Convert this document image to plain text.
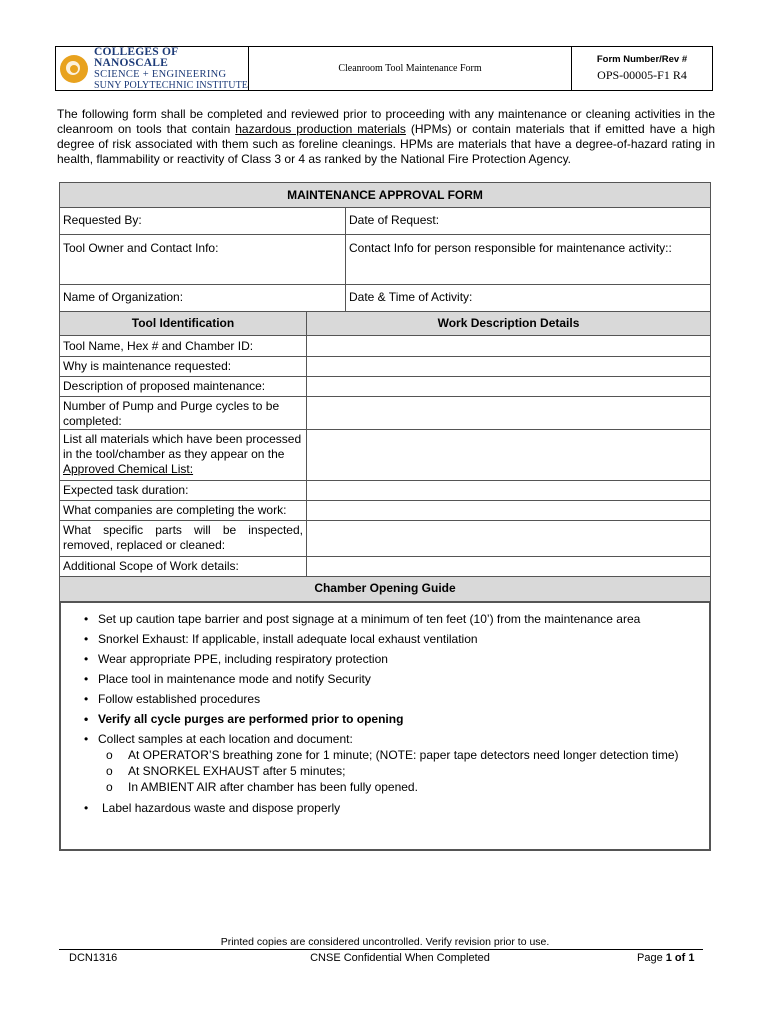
COLLEGES OF NANOSCALE
SCIENCE + ENGINEERING
SUNY POLYTECHNIC INSTITUTE
Cleanroom Tool Maintenance Form
Form Number/Rev #
OPS-00005-F1 R4
The following form shall be completed and reviewed prior to proceeding with any maintenance or cleaning activities in the cleanroom on tools that contain hazardous production materials (HPMs) or contain materials that if emitted have a high degree of risk associated with them such as foreline cleanings. HPMs are materials that have a degree-of-hazard rating in health, flammability or reactivity of Class 3 or 4 as ranked by the National Fire Protection Agency.
MAINTENANCE APPROVAL FORM
Requested By:	Date of Request:
Tool Owner and Contact Info:	Contact Info for person responsible for maintenance activity::
Name of Organization:	Date & Time of Activity:
Tool Identification	Work Description Details
Tool Name, Hex # and Chamber ID:
Why is maintenance requested:
Description of proposed maintenance:
Number of Pump and Purge cycles to be completed:
List all materials which have been processed in the tool/chamber as they appear on the Approved Chemical List:
Expected task duration:
What companies are completing the work:
What specific parts will be inspected, removed, replaced or cleaned:
Additional Scope of Work details:
Chamber Opening Guide
• Set up caution tape barrier and post signage at a minimum of ten feet (10’) from the maintenance area
• Snorkel Exhaust: If applicable, install adequate local exhaust ventilation
• Wear appropriate PPE, including respiratory protection
• Place tool in maintenance mode and notify Security
• Follow established procedures
• Verify all cycle purges are performed prior to opening
• Collect samples at each location and document:
o At OPERATOR’S breathing zone for 1 minute; (NOTE: paper tape detectors need longer detection time)
o At SNORKEL EXHAUST after 5 minutes;
o In AMBIENT AIR after chamber has been fully opened.
• Label hazardous waste and dispose properly
Printed copies are considered uncontrolled. Verify revision prior to use.
DCN1316	CNSE Confidential When Completed	Page 1 of 1
